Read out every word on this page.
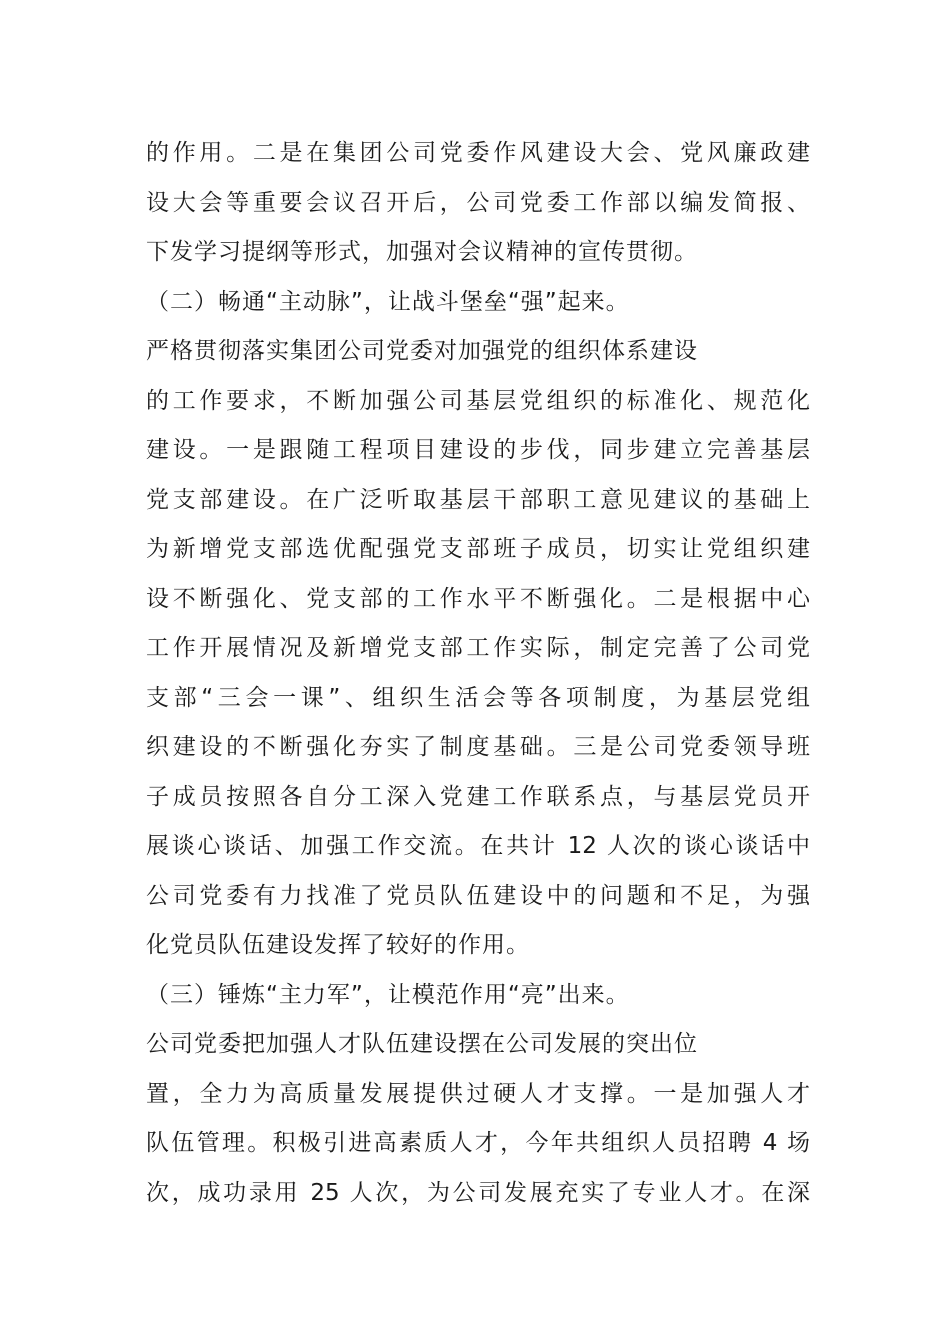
的作用。二是在集团公司党委作风建设大会、党风廉政建
设大会等重要会议召开后，公司党委工作部以编发简报、
下发学习提纲等形式，加强对会议精神的宣传贯彻。
（二）畅通“主动脉”，让战斗堡垒“强”起来。
严格贯彻落实集团公司党委对加强党的组织体系建设
的工作要求，不断加强公司基层党组织的标准化、规范化
建设。一是跟随工程项目建设的步伐，同步建立完善基层
党支部建设。在广泛听取基层干部职工意见建议的基础上
为新增党支部选优配强党支部班子成员，切实让党组织建
设不断强化、党支部的工作水平不断强化。二是根据中心
工作开展情况及新增党支部工作实际，制定完善了公司党
支部“三会一课”、组织生活会等各项制度，为基层党组
织建设的不断强化夯实了制度基础。三是公司党委领导班
子成员按照各自分工深入党建工作联系点，与基层党员开
展谈心谈话、加强工作交流。在共计 12 人次的谈心谈话中
公司党委有力找准了党员队伍建设中的问题和不足，为强
化党员队伍建设发挥了较好的作用。
（三）锤炼“主力军”，让模范作用“亮”出来。
公司党委把加强人才队伍建设摆在公司发展的突出位
置，全力为高质量发展提供过硬人才支撑。一是加强人才
队伍管理。积极引进高素质人才，今年共组织人员招聘 4 场
次，成功录用 25 人次，为公司发展充实了专业人才。在深
